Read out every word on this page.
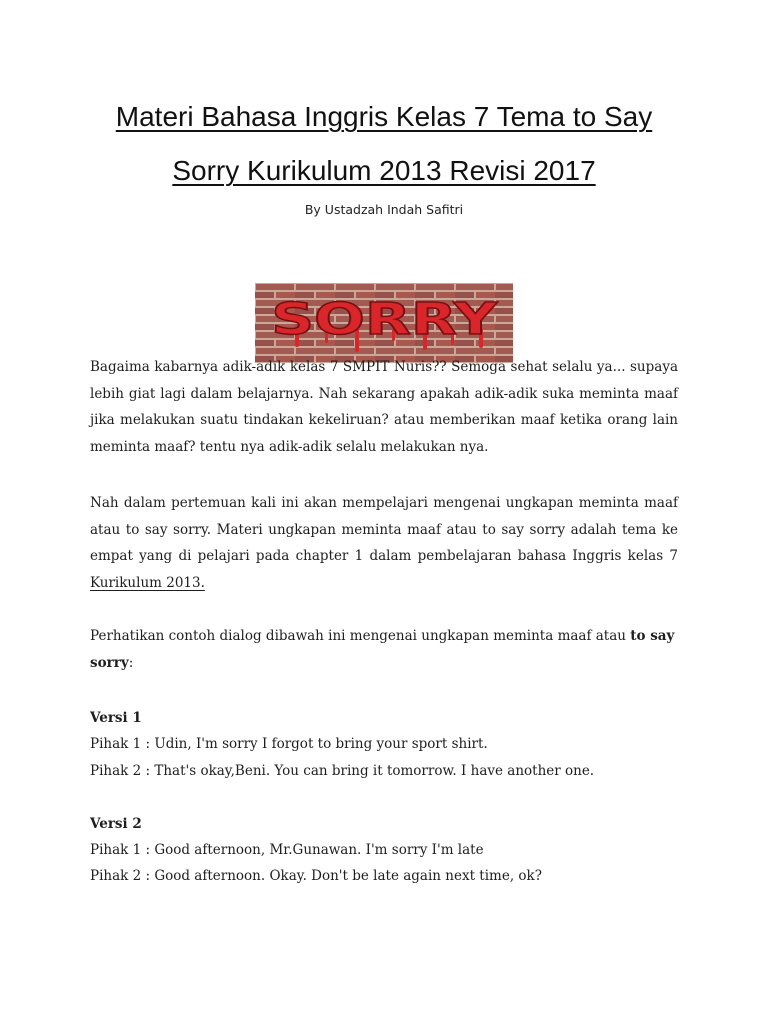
Materi Bahasa Inggris Kelas 7 Tema to Say
Sorry Kurikulum 2013 Revisi 2017
By Ustadzah Indah Safitri
SORRY
Bagaima kabarnya adik-adik kelas 7 SMPIT Nuris?? Semoga sehat selalu ya... supaya lebih giat lagi dalam belajarnya. Nah sekarang apakah adik-adik suka meminta maaf jika melakukan suatu tindakan kekeliruan? atau memberikan maaf ketika orang lain meminta maaf? tentu nya adik-adik selalu melakukan nya.
Nah dalam pertemuan kali ini akan mempelajari mengenai ungkapan meminta maaf atau to say sorry. Materi ungkapan meminta maaf atau to say sorry adalah tema ke empat yang di pelajari pada chapter 1 dalam pembelajaran bahasa Inggris kelas 7 Kurikulum 2013.
Perhatikan contoh dialog dibawah ini mengenai ungkapan meminta maaf atau to say sorry:
Versi 1
Pihak 1 : Udin, I'm sorry I forgot to bring your sport shirt.
Pihak 2 : That's okay,Beni. You can bring it tomorrow. I have another one.
Versi 2
Pihak 1 : Good afternoon, Mr.Gunawan. I'm sorry I'm late
Pihak 2 : Good afternoon. Okay. Don't be late again next time, ok?
